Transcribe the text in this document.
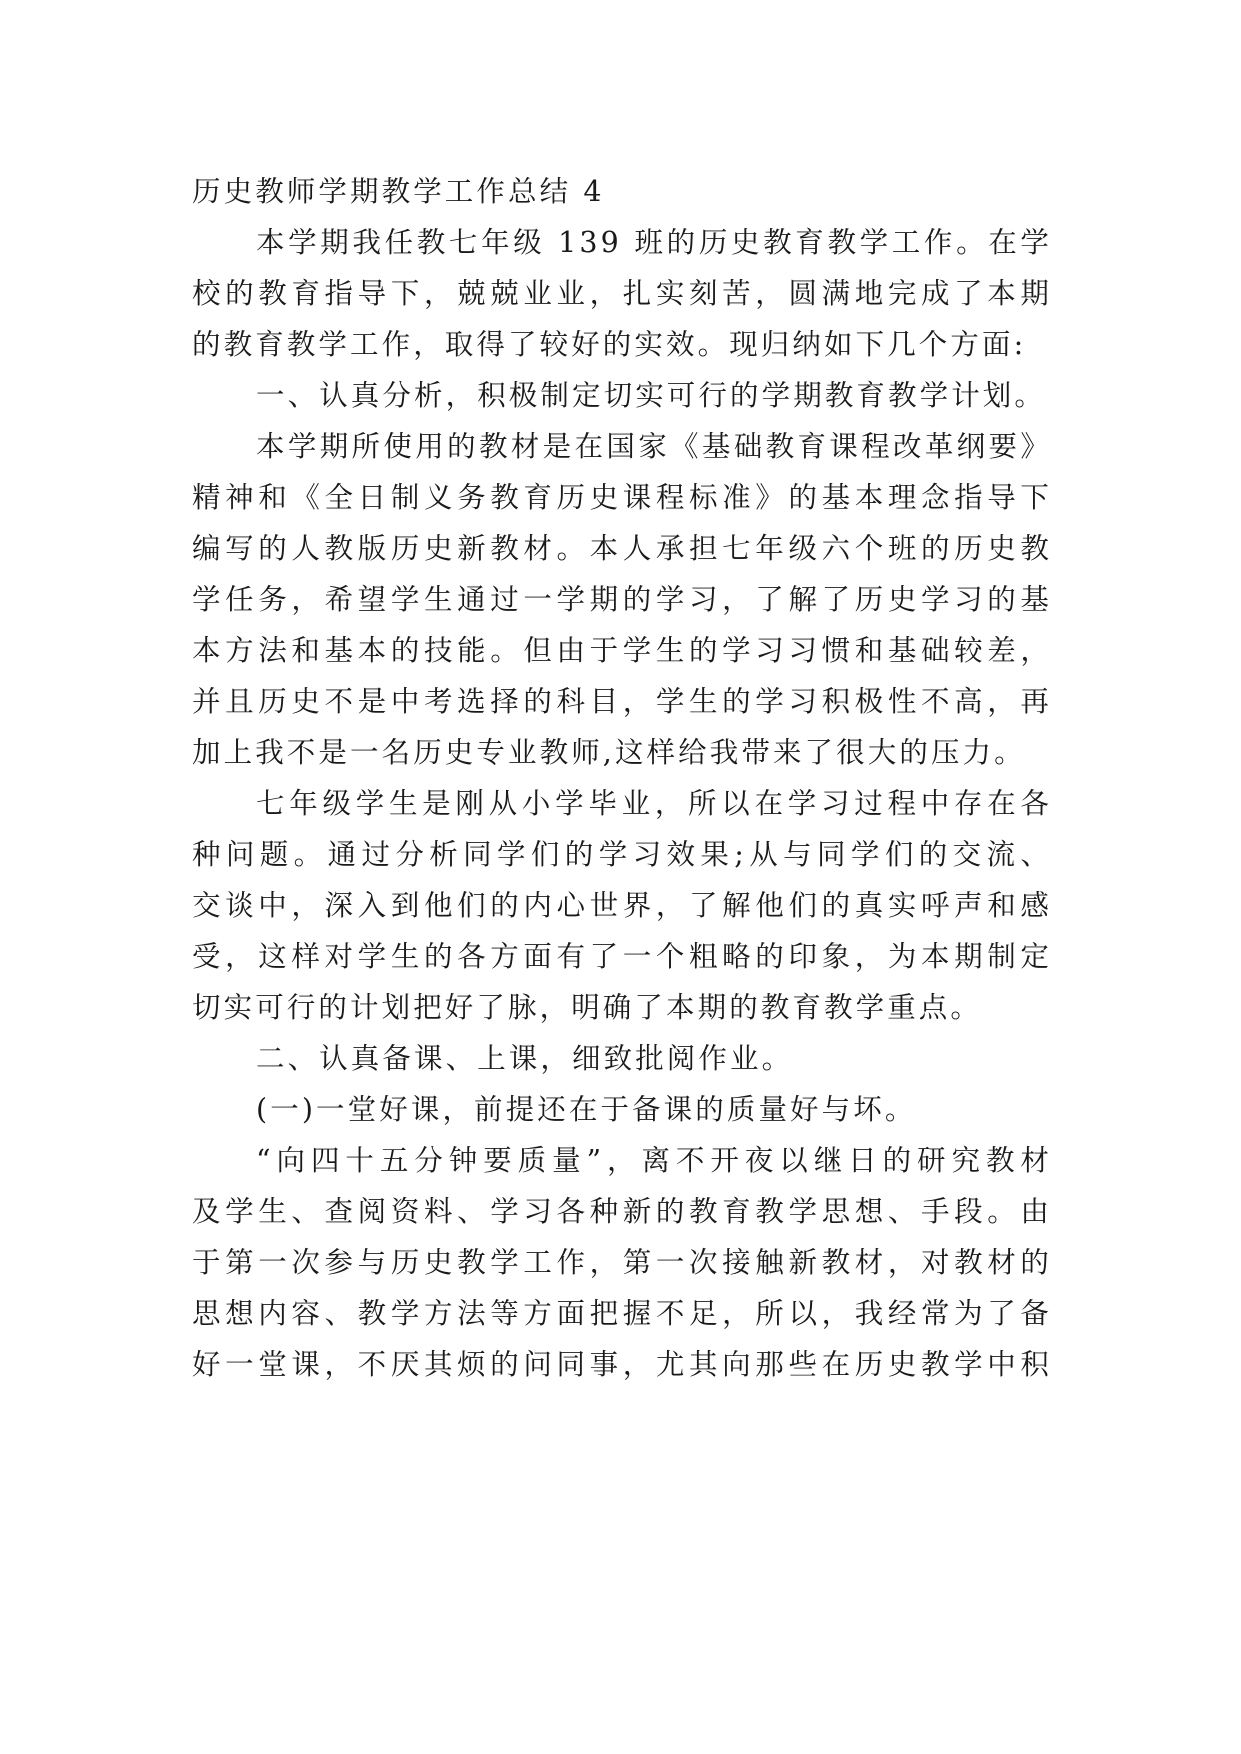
历史教师学期教学工作总结 4

本学期我任教七年级 139 班的历史教育教学工作。在学
校的教育指导下，兢兢业业，扎实刻苦，圆满地完成了本期
的教育教学工作，取得了较好的实效。现归纳如下几个方面:

一、认真分析，积极制定切实可行的学期教育教学计划。

本学期所使用的教材是在国家《基础教育课程改革纲要》
精神和《全日制义务教育历史课程标准》的基本理念指导下
编写的人教版历史新教材。本人承担七年级六个班的历史教
学任务，希望学生通过一学期的学习，了解了历史学习的基
本方法和基本的技能。但由于学生的学习习惯和基础较差，
并且历史不是中考选择的科目，学生的学习积极性不高，再
加上我不是一名历史专业教师,这样给我带来了很大的压力。

七年级学生是刚从小学毕业，所以在学习过程中存在各
种问题。通过分析同学们的学习效果;从与同学们的交流、
交谈中，深入到他们的内心世界，了解他们的真实呼声和感
受，这样对学生的各方面有了一个粗略的印象，为本期制定
切实可行的计划把好了脉，明确了本期的教育教学重点。

二、认真备课、上课，细致批阅作业。

(一)一堂好课，前提还在于备课的质量好与坏。

“向四十五分钟要质量”，离不开夜以继日的研究教材
及学生、查阅资料、学习各种新的教育教学思想、手段。由
于第一次参与历史教学工作，第一次接触新教材，对教材的
思想内容、教学方法等方面把握不足，所以，我经常为了备
好一堂课，不厌其烦的问同事，尤其向那些在历史教学中积
